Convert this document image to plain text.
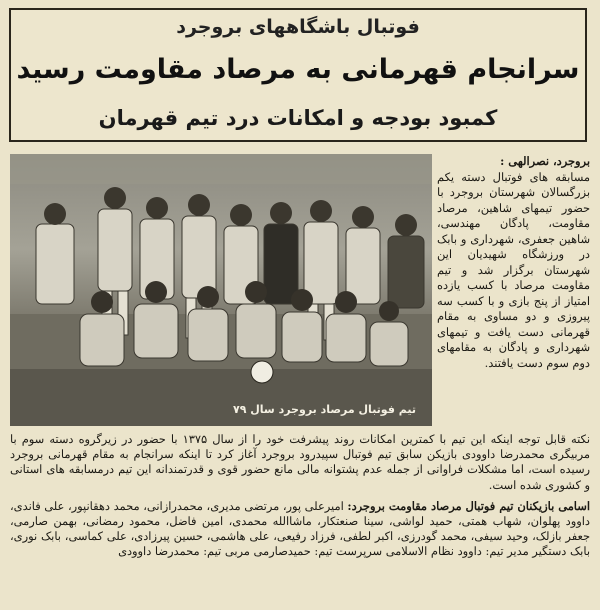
فوتبال باشگاههای بروجرد
سرانجام قهرمانی به مرصاد مقاومت رسید
کمبود بودجه و امکانات درد تیم قهرمان
تیم فوتبال مرصاد بروجرد سال ۷۹
بروجرد، نصرالهی :
مسابقه های فوتبال دسته یکم بزرگسالان شهرستان بروجرد با حضور تیمهای شاهین، مرصاد مقاومت، پادگان مهندسی، شاهین جعفری، شهرداری و بابک در ورزشگاه شهیدیان این شهرستان برگزار شد و تیم مقاومت مرصاد با کسب یازده امتیاز از پنج بازی و با کسب سه پیروزی و دو مساوی به مقام قهرمانی دست یافت و تیمهای شهرداری و پادگان به مقامهای دوم سوم دست یافتند.

نکته قابل توجه اینکه این تیم با کمترین امکانات روند پیشرفت خود را از سال ۱۳۷۵ با حضور در زیرگروه دسته سوم با مربیگری محمدرضا داوودی بازیکن سابق تیم فوتبال سپیدرود بروجرد آغاز کرد تا اینکه سرانجام به مقام قهرمانی بروجرد رسیده است، اما مشکلات فراوانی از جمله عدم پشتوانه مالی مانع حضور قوی و قدرتمندانه این تیم درمسابقه های استانی و کشوری شده است.

اسامی بازیکنان تیم فوتبال مرصاد مقاومت بروجرد: امیرعلی پور، مرتضی مدیری، محمدرازانی، محمد دهقانپور، علی فاندی، داوود پهلوان، شهاب همتی، حمید لواشی، سینا صنعتکار، ماشاالله محمدی، امین فاضل، محمود رمضانی، بهمن صارمی، جعفر بازلک، وحید سیفی، محمد گودرزی، اکبر لطفی، فرزاد رفیعی، علی هاشمی، حسین پیرزادی، علی کماسی، بابک نوری، بابک دستگیر مدیر تیم: داوود نظام الاسلامی سرپرست تیم: حمیدصارمی مربی تیم: محمدرضا داوودی
